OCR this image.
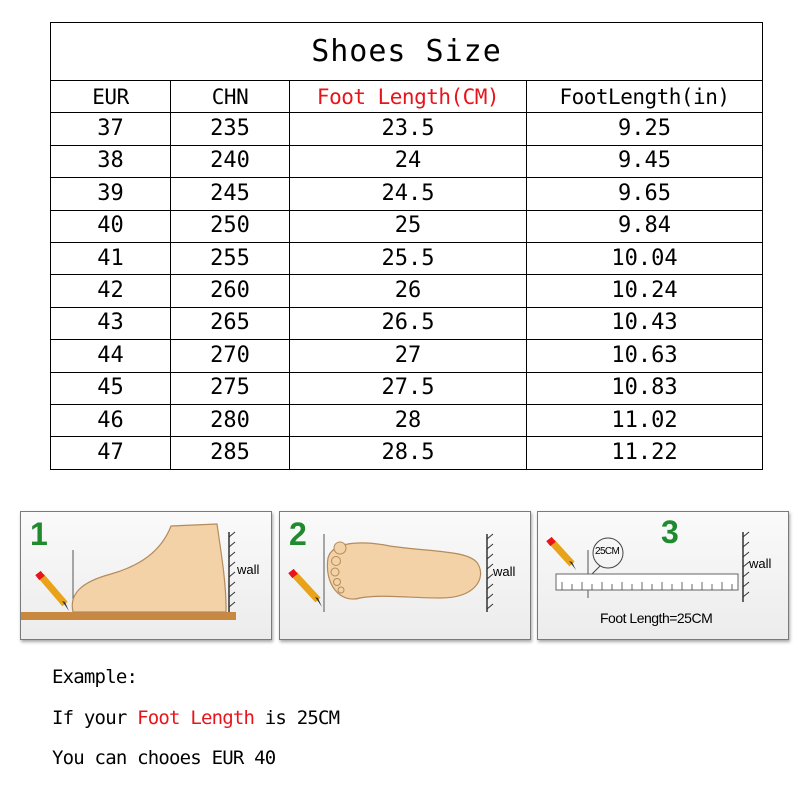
Shoes Size			
EUR	CHN	Foot Length(CM)	FootLength(in)
37	235	23.5	9.25
38	240	24	9.45
39	245	24.5	9.65
40	250	25	9.84
41	255	25.5	10.04
42	260	26	10.24
43	265	26.5	10.43
44	270	27	10.63
45	275	27.5	10.83
46	280	28	11.02
47	285	28.5	11.22
1
wall
2
wall
3
25CM
wall
Foot Length=25CM
Example:
If your Foot Length is 25CM
You can chooes EUR 40
